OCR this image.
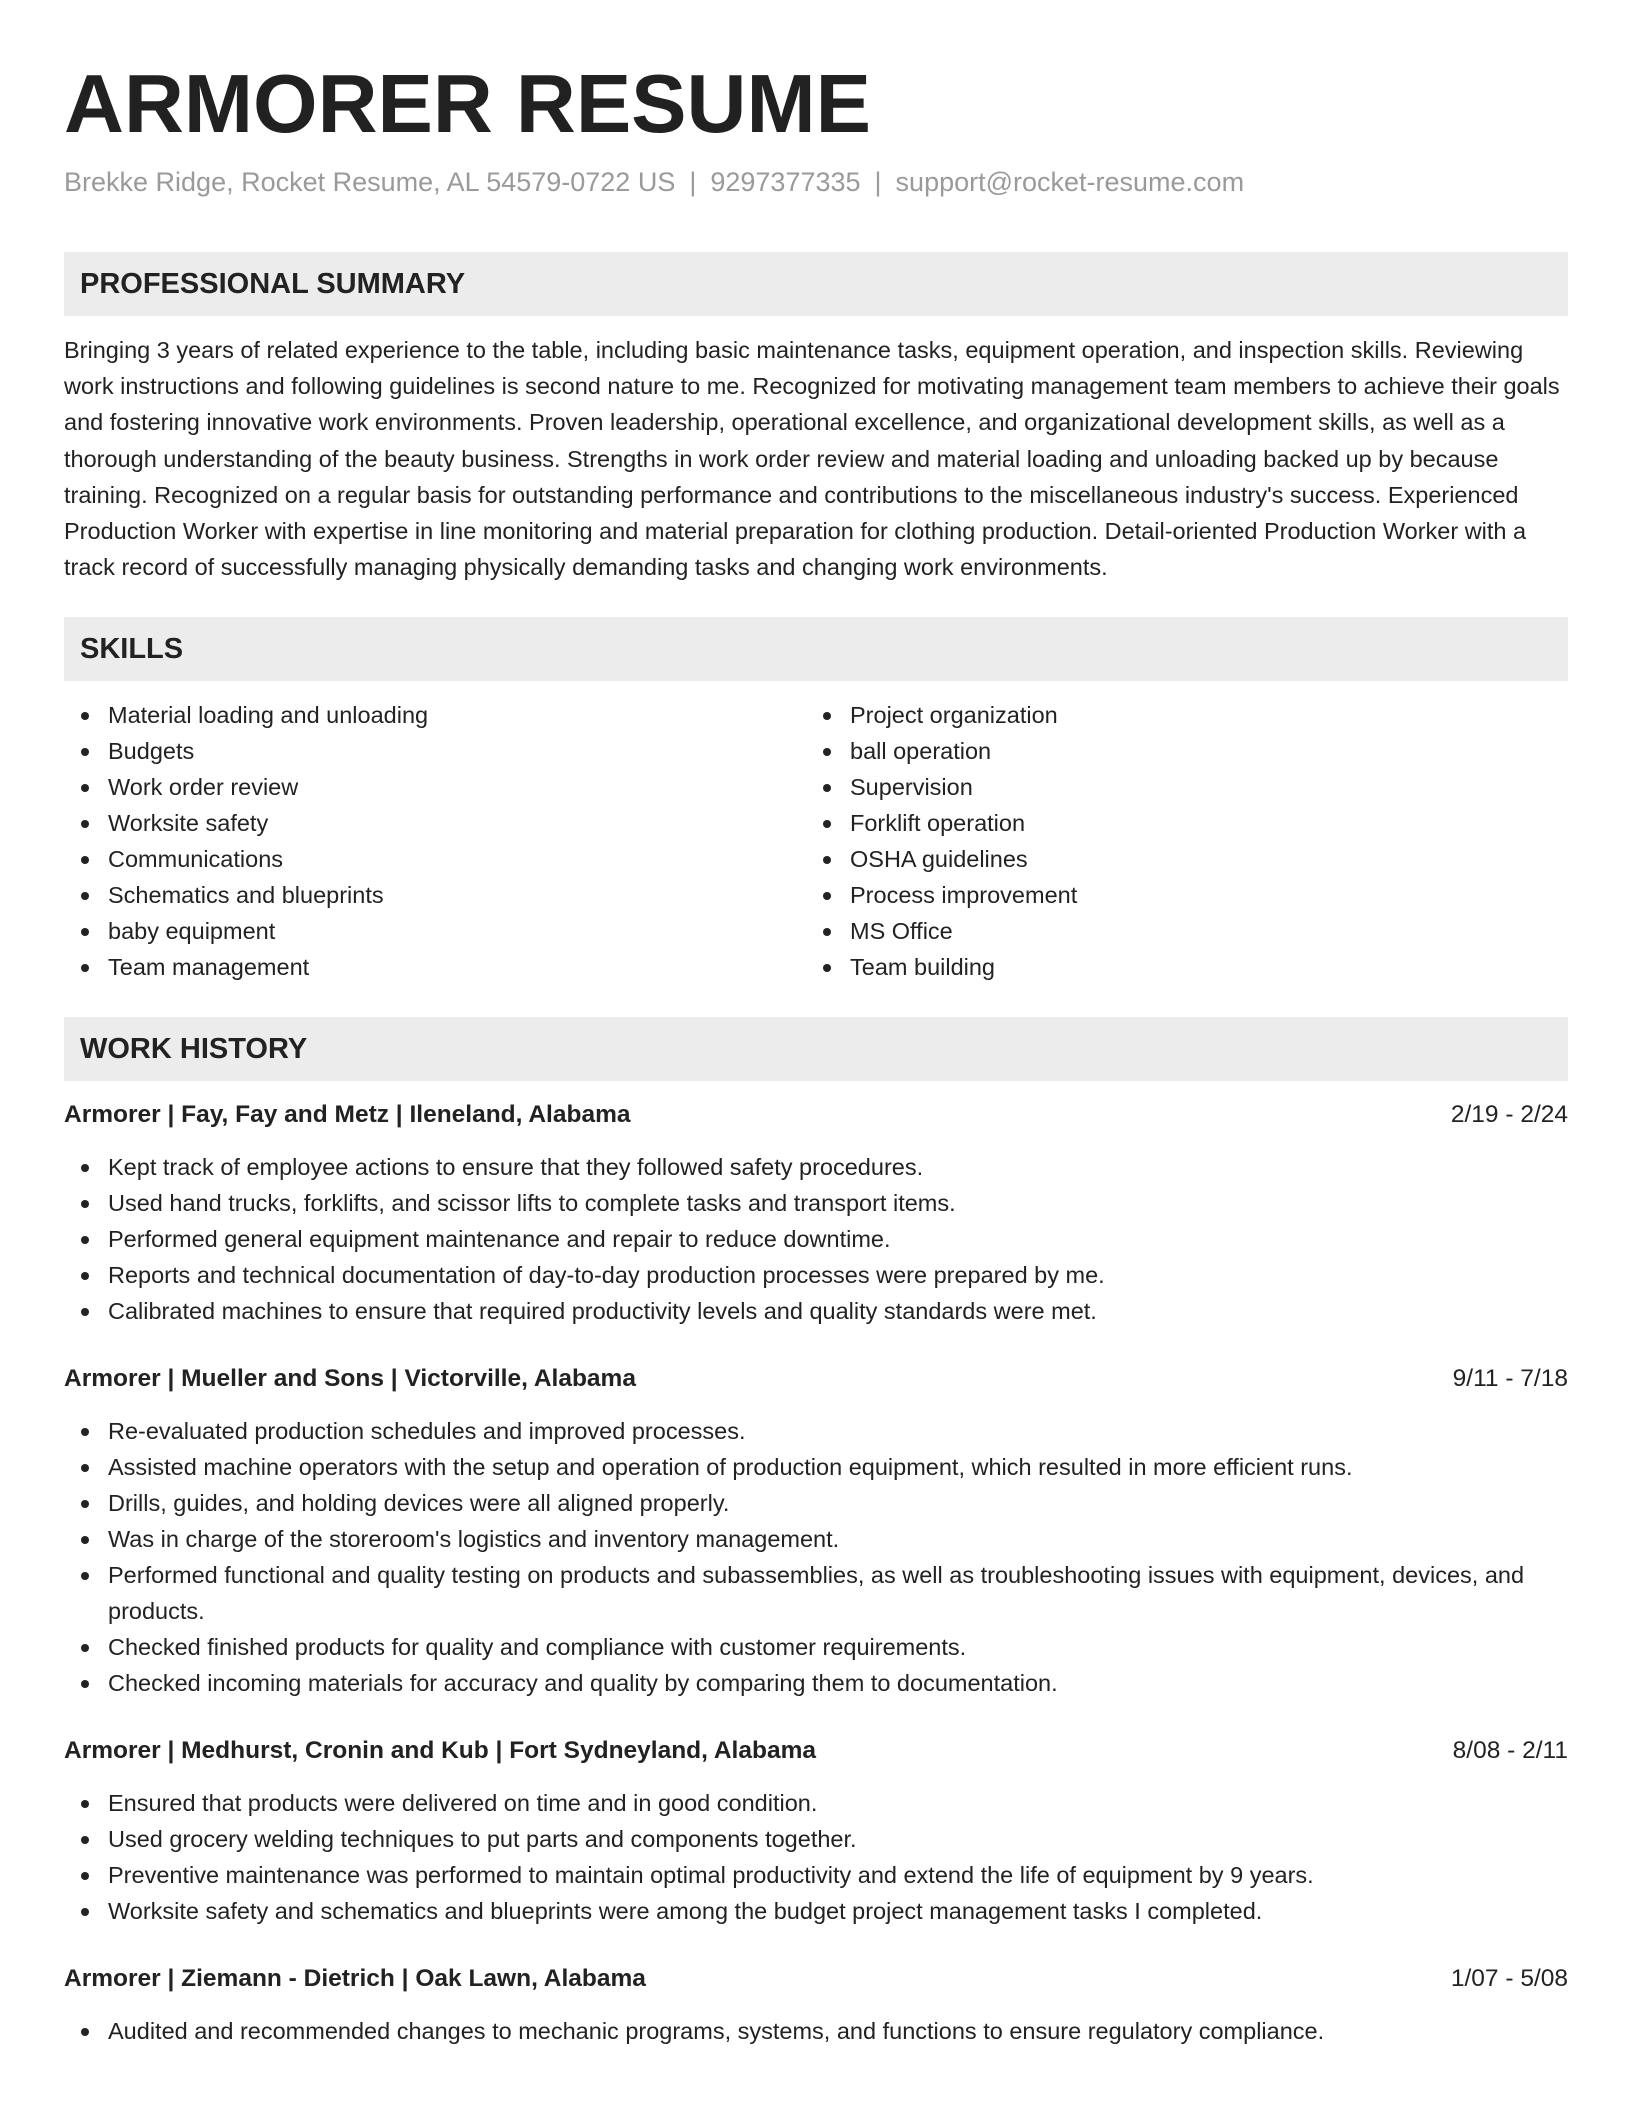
ARMORER RESUME
Brekke Ridge, Rocket Resume, AL 54579-0722 US | 9297377335 | support@rocket-resume.com
PROFESSIONAL SUMMARY

Bringing 3 years of related experience to the table, including basic maintenance tasks, equipment operation, and inspection skills. Reviewing work instructions and following guidelines is second nature to me. Recognized for motivating management team members to achieve their goals and fostering innovative work environments. Proven leadership, operational excellence, and organizational development skills, as well as a thorough understanding of the beauty business. Strengths in work order review and material loading and unloading backed up by because training. Recognized on a regular basis for outstanding performance and contributions to the miscellaneous industry's success. Experienced Production Worker with expertise in line monitoring and material preparation for clothing production. Detail-oriented Production Worker with a track record of successfully managing physically demanding tasks and changing work environments.

SKILLS
Material loading and unloading
Budgets
Work order review
Worksite safety
Communications
Schematics and blueprints
baby equipment
Team management
Project organization
ball operation
Supervision
Forklift operation
OSHA guidelines
Process improvement
MS Office
Team building
WORK HISTORY
Armorer | Fay, Fay and Metz | Ileneland, Alabama	2/19 - 2/24
Kept track of employee actions to ensure that they followed safety procedures.
Used hand trucks, forklifts, and scissor lifts to complete tasks and transport items.
Performed general equipment maintenance and repair to reduce downtime.
Reports and technical documentation of day-to-day production processes were prepared by me.
Calibrated machines to ensure that required productivity levels and quality standards were met.
Armorer | Mueller and Sons | Victorville, Alabama	9/11 - 7/18
Re-evaluated production schedules and improved processes.
Assisted machine operators with the setup and operation of production equipment, which resulted in more efficient runs.
Drills, guides, and holding devices were all aligned properly.
Was in charge of the storeroom's logistics and inventory management.
Performed functional and quality testing on products and subassemblies, as well as troubleshooting issues with equipment, devices, and products.
Checked finished products for quality and compliance with customer requirements.
Checked incoming materials for accuracy and quality by comparing them to documentation.
Armorer | Medhurst, Cronin and Kub | Fort Sydneyland, Alabama	8/08 - 2/11
Ensured that products were delivered on time and in good condition.
Used grocery welding techniques to put parts and components together.
Preventive maintenance was performed to maintain optimal productivity and extend the life of equipment by 9 years.
Worksite safety and schematics and blueprints were among the budget project management tasks I completed.
Armorer | Ziemann - Dietrich | Oak Lawn, Alabama	1/07 - 5/08
Audited and recommended changes to mechanic programs, systems, and functions to ensure regulatory compliance.
